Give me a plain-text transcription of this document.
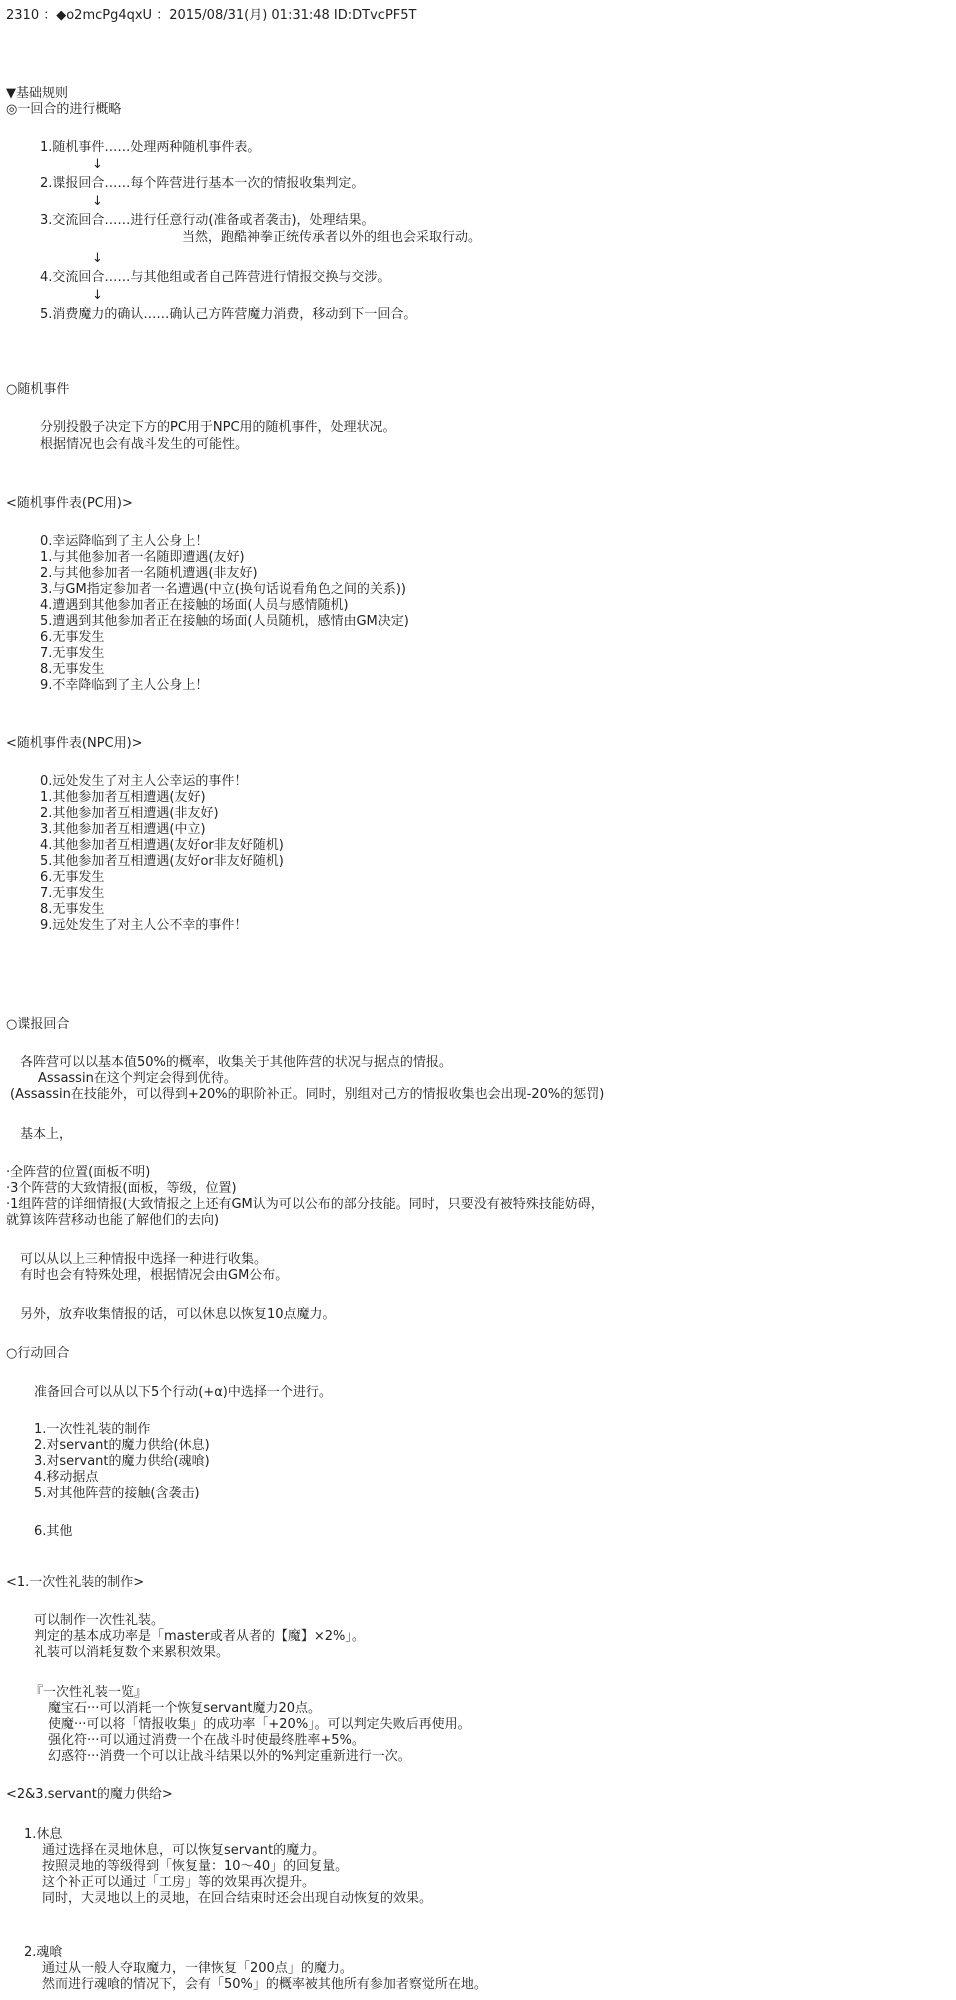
2310 ：◆o2mcPg4qxU ：2015/08/31(月) 01:31:48 ID:DTvcPF5T
▼基础规则
◎一回合的进行概略
1.随机事件……处理两种随机事件表。
↓
2.谍报回合……每个阵营进行基本一次的情报收集判定。
↓
3.交流回合……进行任意行动(准备或者袭击)，处理结果。
当然，跑酷神拳正统传承者以外的组也会采取行动。
↓
4.交流回合……与其他组或者自己阵营进行情报交换与交涉。
↓
5.消费魔力的确认……确认己方阵营魔力消费，移动到下一回合。
○随机事件
分别投骰子决定下方的PC用于NPC用的随机事件，处理状况。
根据情况也会有战斗发生的可能性。
<随机事件表(PC用)>
0.幸运降临到了主人公身上！
1.与其他参加者一名随即遭遇(友好)
2.与其他参加者一名随机遭遇(非友好)
3.与GM指定参加者一名遭遇(中立(换句话说看角色之间的关系))
4.遭遇到其他参加者正在接触的场面(人员与感情随机)
5.遭遇到其他参加者正在接触的场面(人员随机，感情由GM决定)
6.无事发生
7.无事发生
8.无事发生
9.不幸降临到了主人公身上！
<随机事件表(NPC用)>
0.远处发生了对主人公幸运的事件！
1.其他参加者互相遭遇(友好)
2.其他参加者互相遭遇(非友好)
3.其他参加者互相遭遇(中立)
4.其他参加者互相遭遇(友好or非友好随机)
5.其他参加者互相遭遇(友好or非友好随机)
6.无事发生
7.无事发生
8.无事发生
9.远处发生了对主人公不幸的事件！
○谍报回合
各阵营可以以基本值50%的概率，收集关于其他阵营的状况与据点的情报。
Assassin在这个判定会得到优待。
(Assassin在技能外，可以得到+20%的职阶补正。同时，别组对己方的情报收集也会出现-20%的惩罚)
基本上，
·全阵营的位置(面板不明)
·3个阵营的大致情报(面板，等级，位置)
·1组阵营的详细情报(大致情报之上还有GM认为可以公布的部分技能。同时，只要没有被特殊技能妨碍，
就算该阵营移动也能了解他们的去向)
可以从以上三种情报中选择一种进行收集。
有时也会有特殊处理，根据情况会由GM公布。
另外，放弃收集情报的话，可以休息以恢复10点魔力。
○行动回合
准备回合可以从以下5个行动(+α)中选择一个进行。
1.一次性礼装的制作
2.对servant的魔力供给(休息)
3.对servant的魔力供给(魂喰)
4.移动据点
5.对其他阵营的接触(含袭击)
6.其他
<1.一次性礼装的制作>
可以制作一次性礼装。
判定的基本成功率是「master或者从者的【魔】×2%」。
礼装可以消耗复数个来累积效果。
『一次性礼装一览』
魔宝石···可以消耗一个恢复servant魔力20点。
使魔···可以将「情报收集」的成功率「+20%」。可以判定失败后再使用。
强化符···可以通过消费一个在战斗时使最终胜率+5%。
幻惑符···消费一个可以让战斗结果以外的%判定重新进行一次。
<2&3.servant的魔力供给>
1.休息
通过选择在灵地休息，可以恢复servant的魔力。
按照灵地的等级得到「恢复量：10～40」的回复量。
这个补正可以通过「工房」等的效果再次提升。
同时，大灵地以上的灵地，在回合结束时还会出现自动恢复的效果。
2.魂喰
通过从一般人夺取魔力，一律恢复「200点」的魔力。
然而进行魂喰的情况下，会有「50%」的概率被其他所有参加者察觉所在地。
